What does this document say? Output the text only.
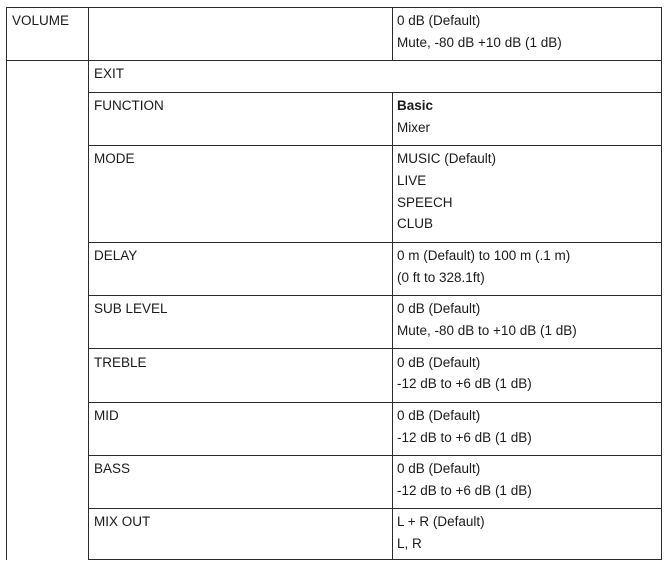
VOLUME	0 dB (Default)
Mute, -80 dB +10 dB (1 dB)
EXIT
FUNCTION	Basic
Mixer
MODE	MUSIC (Default)
LIVE
SPEECH
CLUB
DELAY	0 m (Default) to 100 m (.1 m)
(0 ft to 328.1ft)
SUB LEVEL	0 dB (Default)
Mute, -80 dB to +10 dB (1 dB)
TREBLE	0 dB (Default)
-12 dB to +6 dB (1 dB)
MID	0 dB (Default)
-12 dB to +6 dB (1 dB)
BASS	0 dB (Default)
-12 dB to +6 dB (1 dB)
MIX OUT	L + R (Default)
L, R
